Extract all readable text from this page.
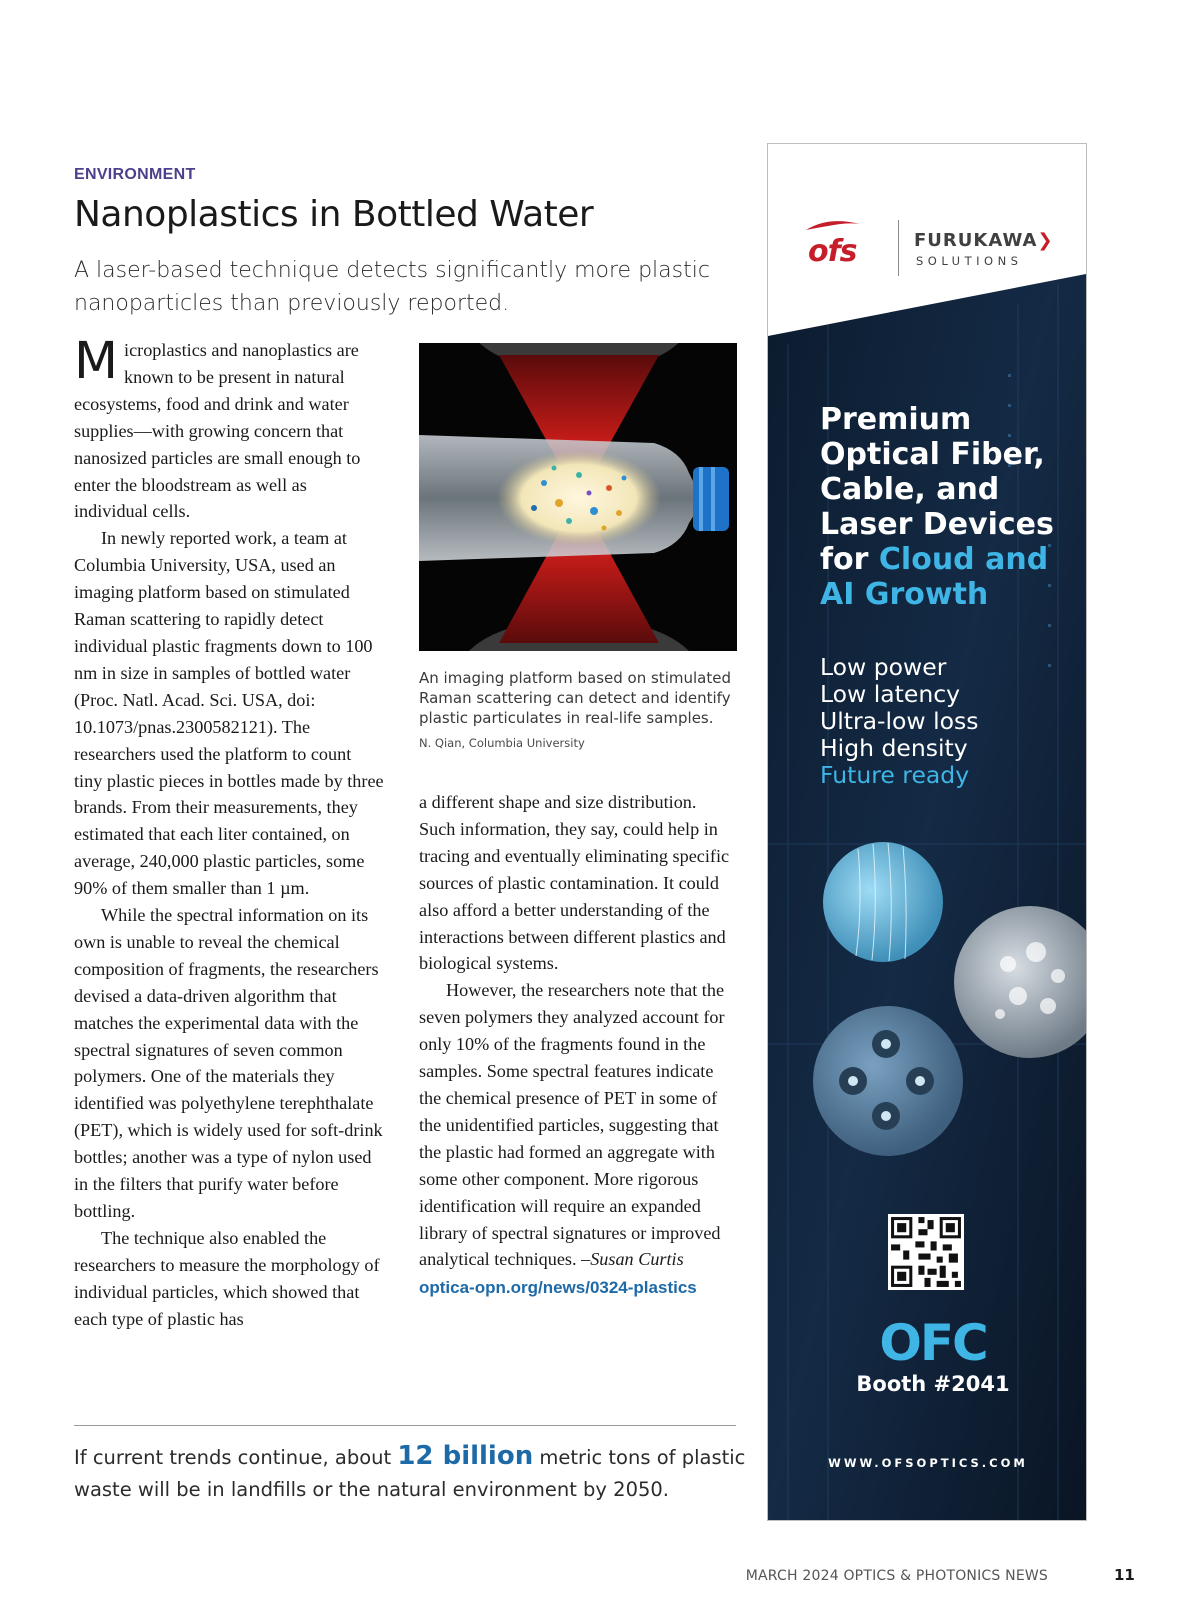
ENVIRONMENT
Nanoplastics in Bottled Water
A laser-based technique detects significantly more plastic nanoparticles than previously reported.

Microplastics and nanoplastics are known to be present in natural ecosystems, food and drink and water supplies—with growing concern that nanosized particles are small enough to enter the bloodstream as well as individual cells.

In newly reported work, a team at Columbia University, USA, used an imaging platform based on stimulated Raman scattering to rapidly detect individual plastic fragments down to 100 nm in size in samples of bottled water (Proc. Natl. Acad. Sci. USA, doi: 10.1073/pnas.2300582121). The researchers used the platform to count tiny plastic pieces in bottles made by three brands. From their measurements, they estimated that each liter contained, on average, 240,000 plastic particles, some 90% of them smaller than 1 µm.

While the spectral information on its own is unable to reveal the chemical composition of fragments, the researchers devised a data-driven algorithm that matches the experimental data with the spectral signatures of seven common polymers. One of the materials they identified was polyethylene terephthalate (PET), which is widely used for soft-drink bottles; another was a type of nylon used in the filters that purify water before bottling.

The technique also enabled the researchers to measure the morphology of individual particles, which showed that each type of plastic has

An imaging platform based on stimulated Raman scattering can detect and identify plastic particulates in real-life samples.
N. Qian, Columbia University

a different shape and size distribution. Such information, they say, could help in tracing and eventually eliminating specific sources of plastic contamination. It could also afford a better understanding of the interactions between different plastics and biological systems.

However, the researchers note that the seven polymers they analyzed account for only 10% of the fragments found in the samples. Some spectral features indicate the chemical presence of PET in some of the unidentified particles, suggesting that the plastic had formed an aggregate with some other component. More rigorous identification will require an expanded library of spectral signatures or improved analytical techniques. –Susan Curtis

optica-opn.org/news/0324-plastics
If current trends continue, about 12 billion metric tons of plastic waste will be in landfills or the natural environment by 2050.
MARCH 2024 OPTICS & PHOTONICS NEWS	11
ofs	FURUKAWA❯
SOLUTIONS
Premium Optical Fiber, Cable, and Laser Devices for Cloud and AI Growth
Low power
Low latency
Ultra-low loss
High density
Future ready
OFC
Booth #2041
WWW.OFSOPTICS.COM
